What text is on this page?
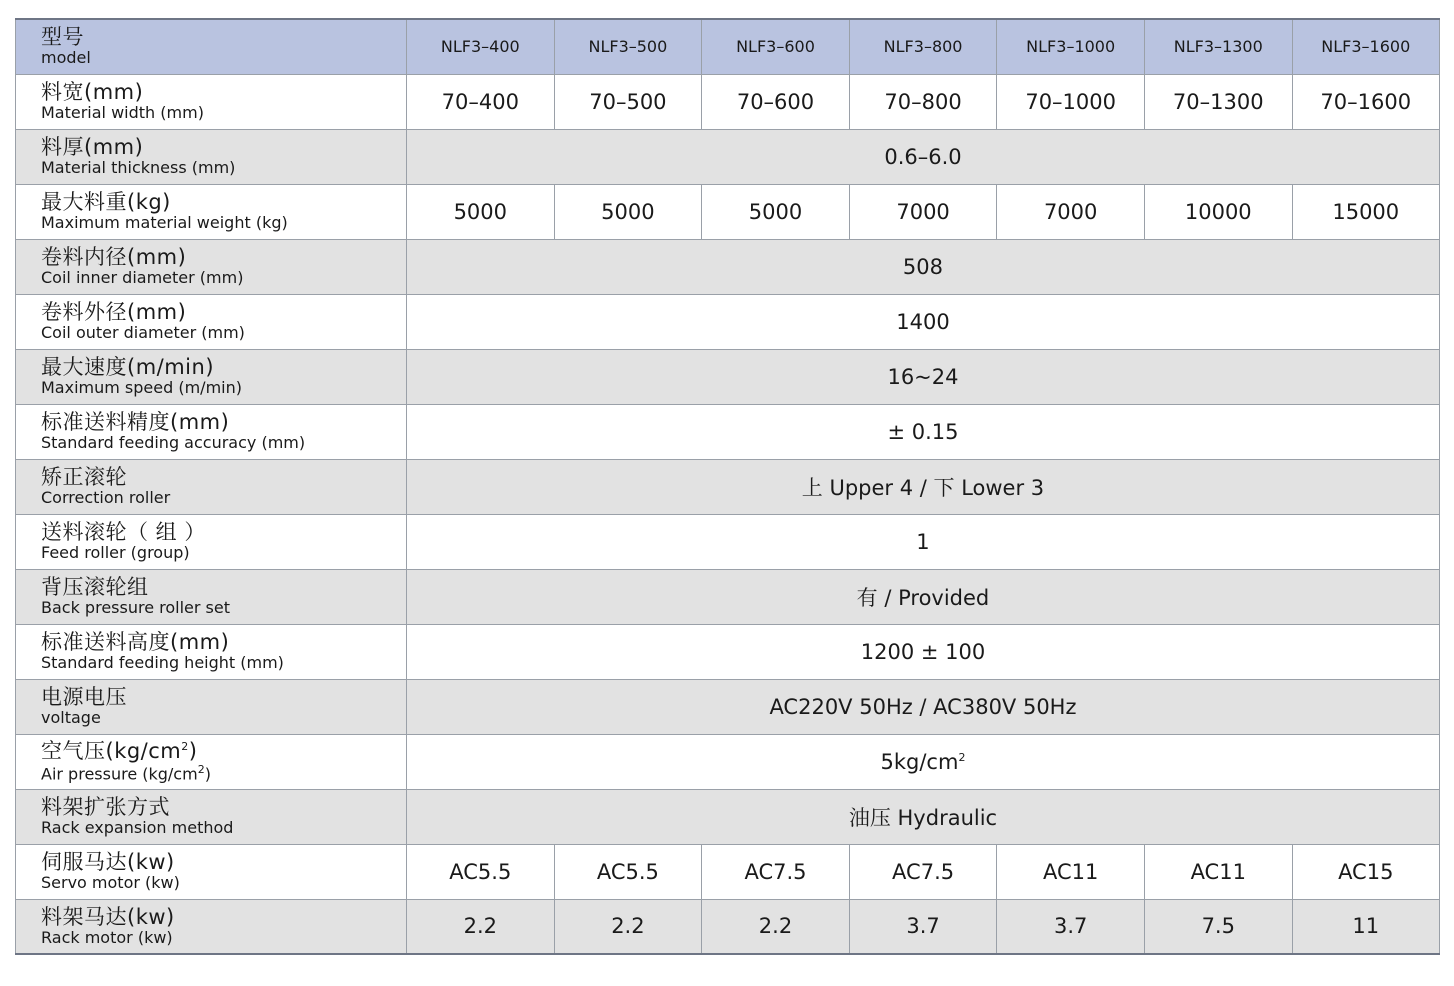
型号
model	NLF3–400	NLF3–500	NLF3–600	NLF3–800	NLF3–1000	NLF3–1300	NLF3–1600

料宽(mm)
Material width (mm)	70–400	70–500	70–600	70–800	70–1000	70–1300	70–1600

料厚(mm)
Material thickness (mm)	0.6–6.0						

最大料重(kg)
Maximum material weight (kg)	5000	5000	5000	7000	7000	10000	15000

卷料内径(mm)
Coil inner diameter (mm)	508						

卷料外径(mm)
Coil outer diameter (mm)	1400						

最大速度(m/min)
Maximum speed (m/min)	16~24						

标准送料精度(mm)
Standard feeding accuracy (mm)	± 0.15						

矫正滚轮
Correction roller	上 Upper 4 / 下 Lower 3						

送料滚轮（ 组 ）
Feed roller (group)	1						

背压滚轮组
Back pressure roller set	有 / Provided						

标准送料高度(mm)
Standard feeding height (mm)	1200 ± 100						

电源电压
voltage	AC220V 50Hz / AC380V 50Hz						

空气压$(kg/cm^2)$
Air pressure $(kg/cm^2)$	$5kg/cm^2$

料架扩张方式
Rack expansion method	油压 Hydraulic						

伺服马达(kw)
Servo motor (kw)	AC5.5	AC5.5	AC7.5	AC7.5	AC11	AC11	AC15

料架马达(kw)
Rack motor (kw)	2.2	2.2	2.2	3.7	3.7	7.5	11
